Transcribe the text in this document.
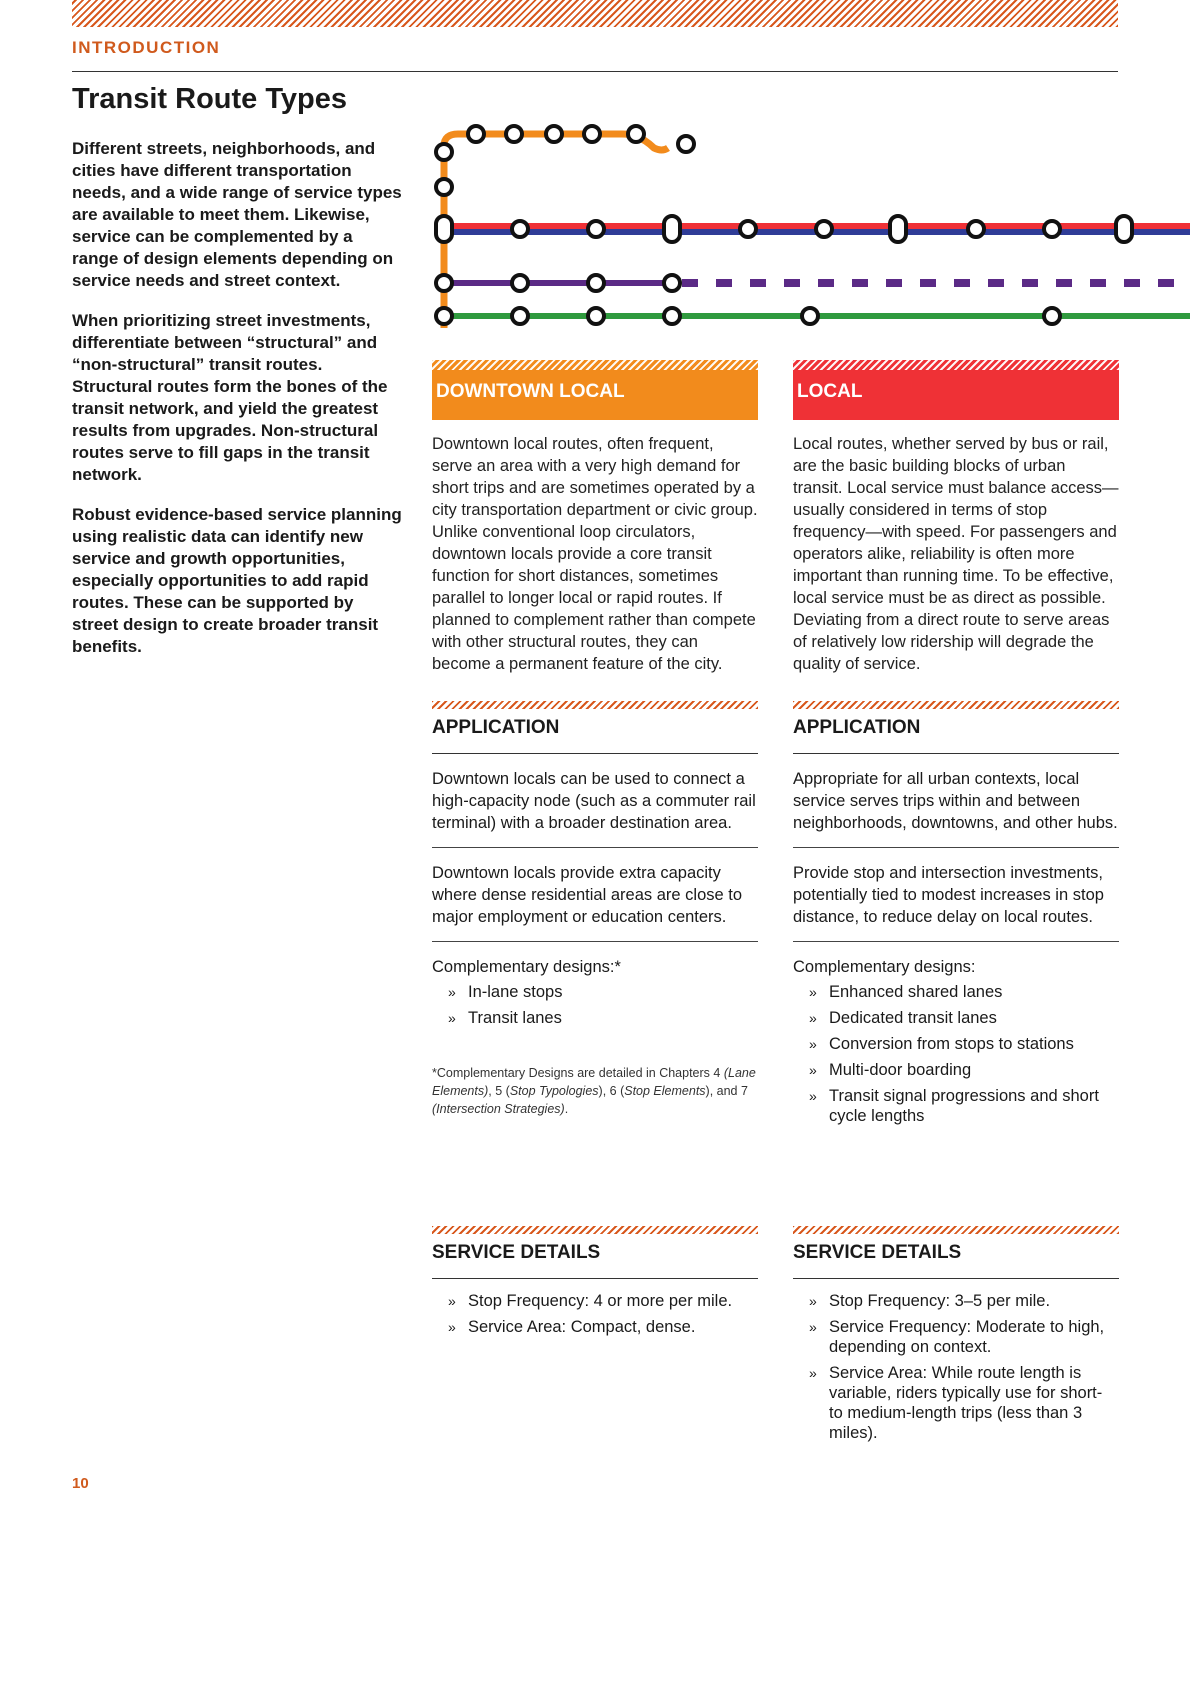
INTRODUCTION
Transit Route Types

Different streets, neighborhoods, and cities have different transportation needs, and a wide range of service types are available to meet them. Likewise, service can be complemented by a range of design elements depending on service needs and street context.

When prioritizing street investments, differentiate between “structural” and “non-structural” transit routes. Structural routes form the bones of the transit network, and yield the greatest results from upgrades. Non-structural routes serve to fill gaps in the transit network.

Robust evidence-based service planning using realistic data can identify new service and growth opportunities, especially opportunities to add rapid routes. These can be supported by street design to create broader transit benefits.

DOWNTOWN LOCAL

Downtown local routes, often frequent, serve an area with a very high demand for short trips and are sometimes operated by a city transportation department or civic group. Unlike conventional loop circulators, downtown locals provide a core transit function for short distances, sometimes parallel to longer local or rapid routes. If planned to complement rather than compete with other structural routes, they can become a permanent feature of the city.

APPLICATION

Downtown locals can be used to connect a high-capacity node (such as a commuter rail terminal) with a broader destination area.

Downtown locals provide extra capacity where dense residential areas are close to major employment or education centers.

Complementary designs:*
» In-lane stops
» Transit lanes
*Complementary Designs are detailed in Chapters 4 (Lane Elements), 5 (Stop Typologies), 6 (Stop Elements), and 7 (Intersection Strategies).
SERVICE DETAILS
» Stop Frequency: 4 or more per mile.
» Service Area: Compact, dense.
LOCAL

Local routes, whether served by bus or rail, are the basic building blocks of urban transit. Local service must balance access—usually considered in terms of stop frequency—with speed. For passengers and operators alike, reliability is often more important than running time. To be effective, local service must be as direct as possible. Deviating from a direct route to serve areas of relatively low ridership will degrade the quality of service.

APPLICATION

Appropriate for all urban contexts, local service serves trips within and between neighborhoods, downtowns, and other hubs.

Provide stop and intersection investments, potentially tied to modest increases in stop distance, to reduce delay on local routes.

Complementary designs:
» Enhanced shared lanes
» Dedicated transit lanes
» Conversion from stops to stations
» Multi-door boarding
» Transit signal progressions and short cycle lengths
SERVICE DETAILS
» Stop Frequency: 3–5 per mile.
» Service Frequency: Moderate to high, depending on context.
» Service Area: While route length is variable, riders typically use for short- to medium-length trips (less than 3 miles).
10
